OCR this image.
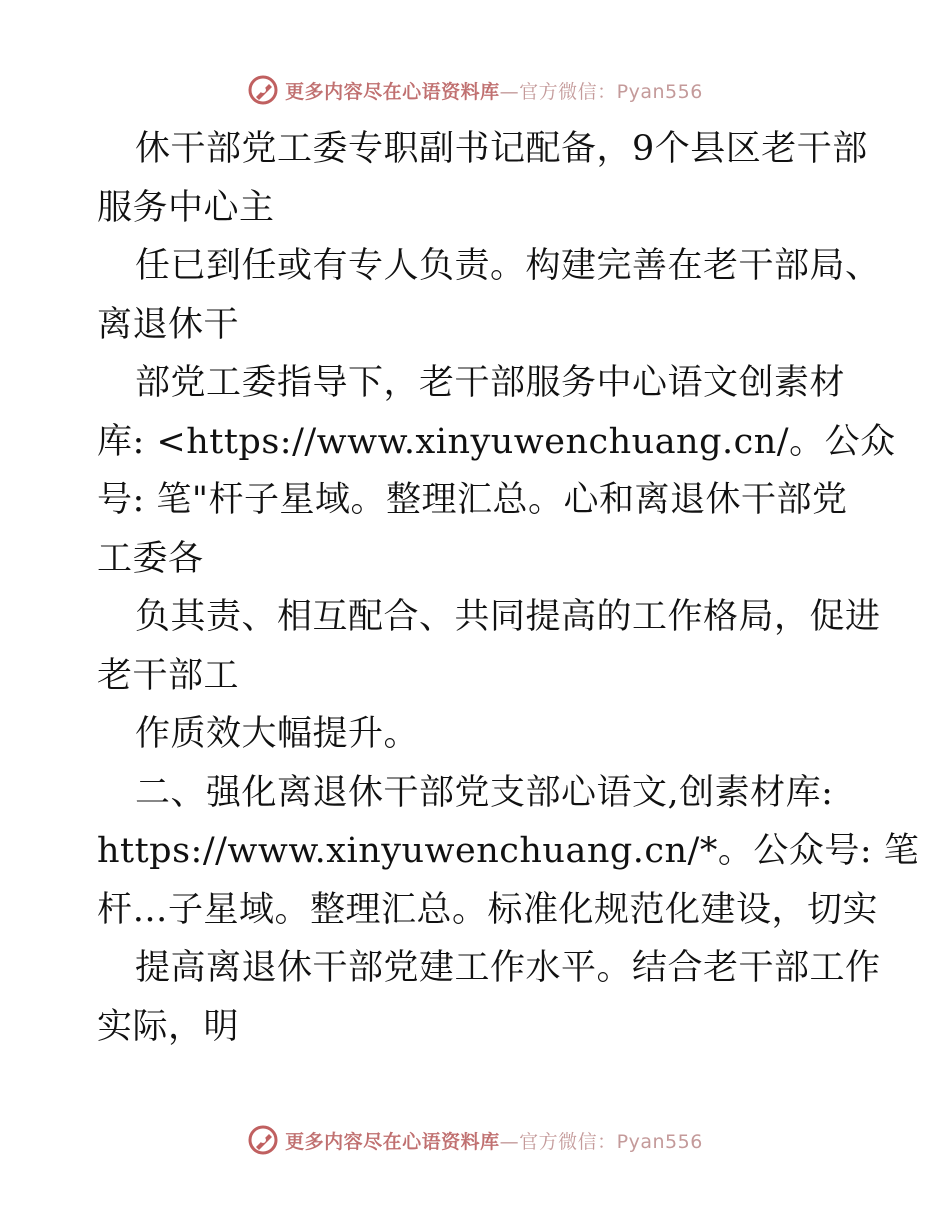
更多内容尽在心语资料库—官方微信：Pyan556
休干部党工委专职副书记配备，9个县区老干部
服务中心主
任已到任或有专人负责。构建完善在老干部局、
离退休干
部党工委指导下，老干部服务中心语文创素材
库: <https://www.xinyuwenchuang.cn/。公众
号: 笔"杆子星域。整理汇总。心和离退休干部党
工委各
负其责、相互配合、共同提高的工作格局，促进
老干部工
作质效大幅提升。
二、强化离退休干部党支部心语文,创素材库:
https://www.xinyuwenchuang.cn/*。公众号: 笔
杆…子星域。整理汇总。标准化规范化建设，切实
提高离退休干部党建工作水平。结合老干部工作
实际，明
更多内容尽在心语资料库—官方微信：Pyan556
